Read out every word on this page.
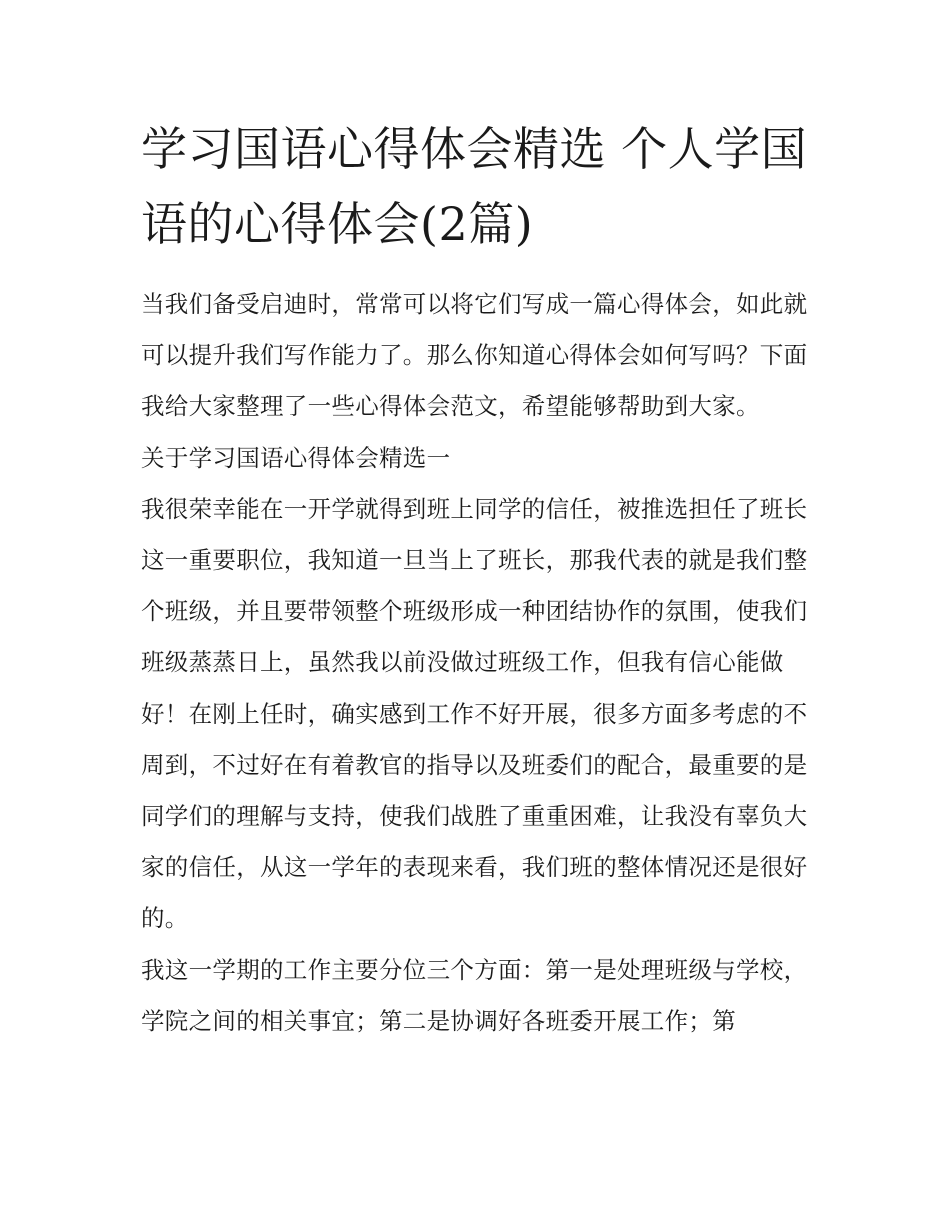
学习国语心得体会精选 个人学国语的心得体会(2篇)

当我们备受启迪时，常常可以将它们写成一篇心得体会，如此就可以提升我们写作能力了。那么你知道心得体会如何写吗？下面我给大家整理了一些心得体会范文，希望能够帮助到大家。

关于学习国语心得体会精选一

我很荣幸能在一开学就得到班上同学的信任，被推选担任了班长这一重要职位，我知道一旦当上了班长，那我代表的就是我们整个班级，并且要带领整个班级形成一种团结协作的氛围，使我们班级蒸蒸日上，虽然我以前没做过班级工作，但我有信心能做好！在刚上任时，确实感到工作不好开展，很多方面多考虑的不周到，不过好在有着教官的指导以及班委们的配合，最重要的是同学们的理解与支持，使我们战胜了重重困难，让我没有辜负大家的信任，从这一学年的表现来看，我们班的整体情况还是很好的。

我这一学期的工作主要分位三个方面：第一是处理班级与学校，学院之间的相关事宜；第二是协调好各班委开展工作；第
